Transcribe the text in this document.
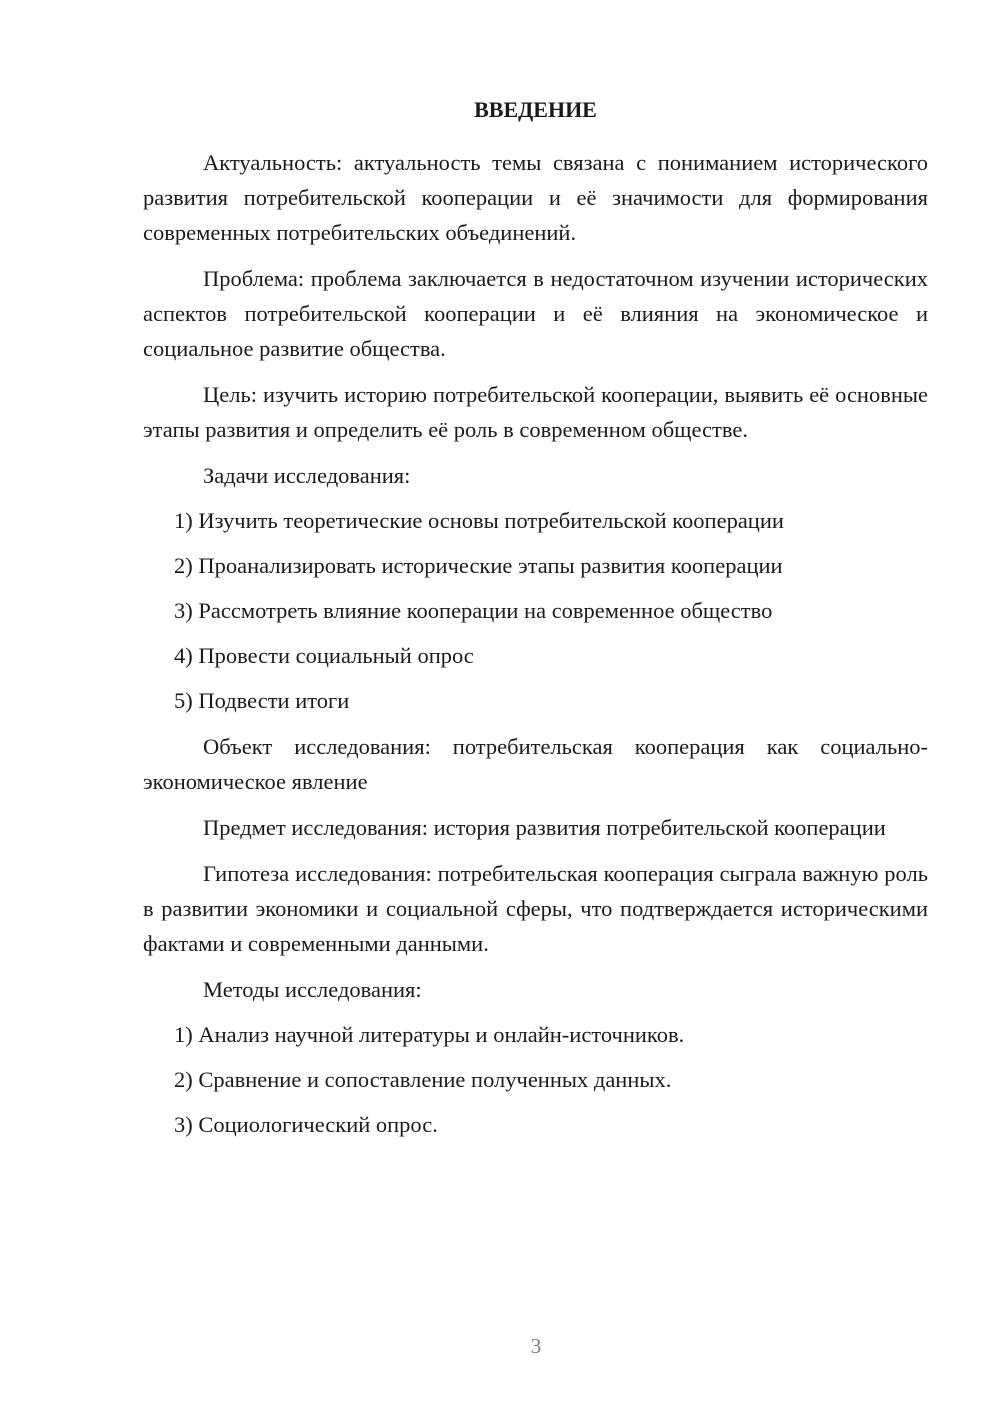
ВВЕДЕНИЕ
Актуальность: актуальность темы связана с пониманием исторического развития потребительской кооперации и её значимости для формирования современных потребительских объединений.
Проблема: проблема заключается в недостаточном изучении исторических аспектов потребительской кооперации и её влияния на экономическое и социальное развитие общества.
Цель: изучить историю потребительской кооперации, выявить её основные этапы развития и определить её роль в современном обществе.
Задачи исследования:
1) Изучить теоретические основы потребительской кооперации
2) Проанализировать исторические этапы развития кооперации
3) Рассмотреть влияние кооперации на современное общество
4) Провести социальный опрос
5) Подвести итоги
Объект исследования: потребительская кооперация как социально-экономическое явление
Предмет исследования: история развития потребительской кооперации
Гипотеза исследования: потребительская кооперация сыграла важную роль в развитии экономики и социальной сферы, что подтверждается историческими фактами и современными данными.
Методы исследования:
1) Анализ научной литературы и онлайн-источников.
2) Сравнение и сопоставление полученных данных.
3) Социологический опрос.
3
